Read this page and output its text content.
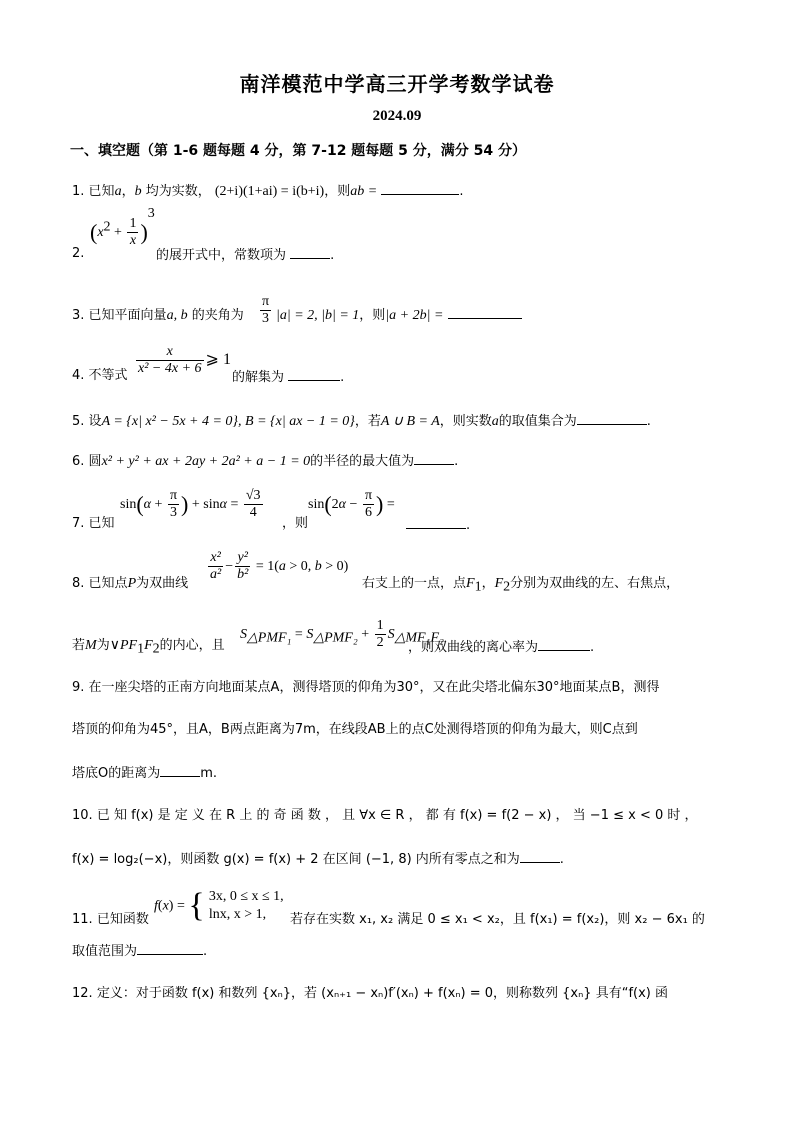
南洋模范中学高三开学考数学试卷
2024.09
一、填空题（第 1-6 题每题 4 分，第 7-12 题每题 5 分，满分 54 分）
1. 已知a，b 均为实数， (2+i)(1+ai) = i(b+i)，则ab =	.
2.
$(x^2 + \frac{1}{x} )^3$
的展开式中，常数项为	.
3. 已知平面向量a, b 的夹角为 $\frac{\pi}{3} |a| = 2$, |b| = 1，则|a + 2b| =
4. 不等式 $\frac{x}{\text{x² − 4x + 6}}$ ⩾ 1
的解集为	.
5. 设A = {x| x² − 5x + 4 = 0}, B = {x| ax − 1 = 0}，若A ∪ B = A，则实数a的取值集合为	.
6. 圆x² + y² + ax + 2ay + 2a² + a − 1 = 0的半径的最大值为	.
7. 已知
$\sin(\alpha + \frac{\pi}{3}$ ) + $\sin\alpha = \frac{√3}{4}$
，则
$\sin(2\alpha - \frac{\pi}{6}$ ) =
.
8. 已知点P为双曲线
$\frac{\text{x²}}{\text{a²}} - \frac{\text{y²}}{\text{b²}} = 1(a > 0$, b > 0)
右支上的一点，点$F_1$，$F_2$分别为双曲线的左、右焦点，
若M为$\vee PF_1F_2$的内心，且
$S_{\triangle PMF_1} = S_{\triangle PMF_2} + \frac{1}{2} S_{\triangle MF_1F_2}$
，则双曲线的离心率为	.
9. 在一座尖塔的正南方向地面某点A，测得塔顶的仰角为30°，又在此尖塔北偏东30°地面某点B，测得
塔顶的仰角为45°，且A，B两点距离为7m，在线段AB上的点C处测得塔顶的仰角为最大，则C点到
塔底O的距离为	m.
10. 已 知 f(x) 是 定 义 在 R 上 的 奇 函 数 ， 且 ∀x ∈ R ， 都 有 f(x) = f(2 − x) ， 当 −1 ≤ x < 0 时 ，
f(x) = log₂(−x)，则函数 g(x) = f(x) + 2 在区间 (−1, 8) 内所有零点之和为	.
11. 已知函数
f(x) = { 3x, 0 ≤ x ≤ 1,
lnx, x > 1,	若存在实数 x₁, x₂ 满足 0 ≤ x₁ < x₂，且 f(x₁) = f(x₂)，则 x₂ − 6x₁ 的
取值范围为	.
12. 定义：对于函数 f(x) 和数列 {xₙ}，若 (xₙ₊₁ − xₙ)f′(xₙ) + f(xₙ) = 0，则称数列 {xₙ} 具有“f(x) 函
